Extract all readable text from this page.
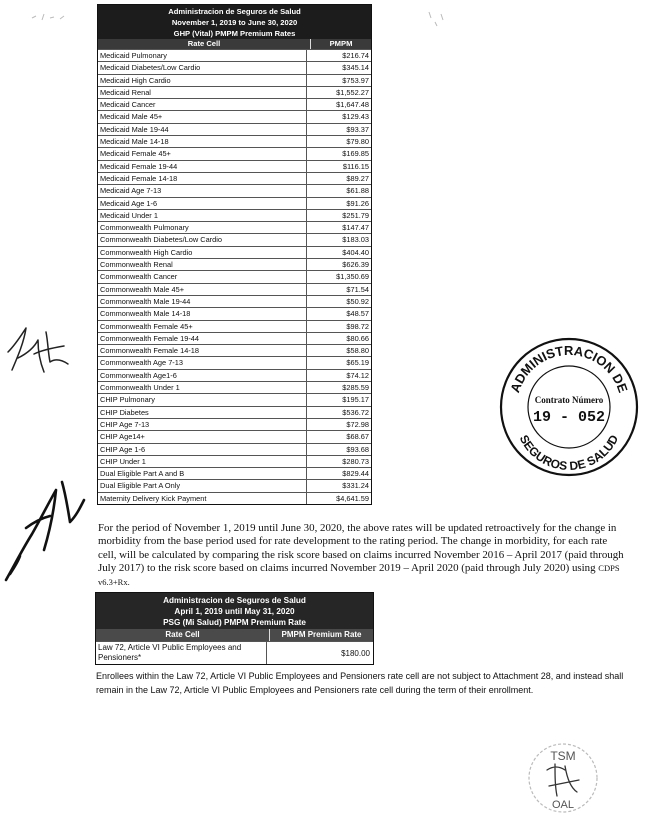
Administracion de Seguros de Salud
November 1, 2019 to June 30, 2020
GHP (Vital) PMPM Premium Rates
Rate Cell	PMPM
Medicaid Pulmonary	$216.74
Medicaid Diabetes/Low Cardio	$345.14
Medicaid High Cardio	$753.97
Medicaid Renal	$1,552.27
Medicaid Cancer	$1,647.48
Medicaid Male 45+	$129.43
Medicaid Male 19-44	$93.37
Medicaid Male 14-18	$79.80
Medicaid Female 45+	$169.85
Medicaid Female 19-44	$116.15
Medicaid Female 14-18	$89.27
Medicaid Age 7-13	$61.88
Medicaid Age 1-6	$91.26
Medicaid Under 1	$251.79
Commonwealth Pulmonary	$147.47
Commonwealth Diabetes/Low Cardio	$183.03
Commonwealth High Cardio	$404.40
Commonwealth Renal	$626.39
Commonwealth Cancer	$1,350.69
Commonwealth Male 45+	$71.54
Commonwealth Male 19-44	$50.92
Commonwealth Male 14-18	$48.57
Commonwealth Female 45+	$98.72
Commonwealth Female 19-44	$80.66
Commonwealth Female 14-18	$58.80
Commonwealth Age 7-13	$65.19
Commonwealth Age1-6	$74.12
Commonwealth Under 1	$285.59
CHIP Pulmonary	$195.17
CHIP Diabetes	$536.72
CHIP Age 7-13	$72.98
CHIP Age14+	$68.67
CHIP Age 1-6	$93.68
CHIP Under 1	$280.73
Dual Eligible Part A and B	$829.44
Dual Eligible Part A Only	$331.24
Maternity Delivery Kick Payment	$4,641.59
For the period of November 1, 2019 until June 30, 2020, the above rates will be updated retroactively for the change in morbidity from the base period used for rate development to the rating period. The change in morbidity, for each rate cell, will be calculated by comparing the risk score based on claims incurred November 2016 – April 2017 (paid through July 2017) to the risk score based on claims incurred November 2019 – April 2020 (paid through July 2020) using CDPS v6.3+Rx.
Administracion de Seguros de Salud
April 1, 2019 until May 31, 2020
PSG (Mi Salud) PMPM Premium Rate
Rate Cell	PMPM Premium Rate
Law 72, Article VI Public Employees and Pensioners*	$180.00
Enrollees within the Law 72, Article VI Public Employees and Pensioners rate cell are not subject to Attachment 28, and instead shall remain in the Law 72, Article VI Public Employees and Pensioners rate cell during the term of their enrollment.
ADMINISTRACION DE
SEGUROS DE SALUD
Contrato Número
19 - 052
TSM
OAL
